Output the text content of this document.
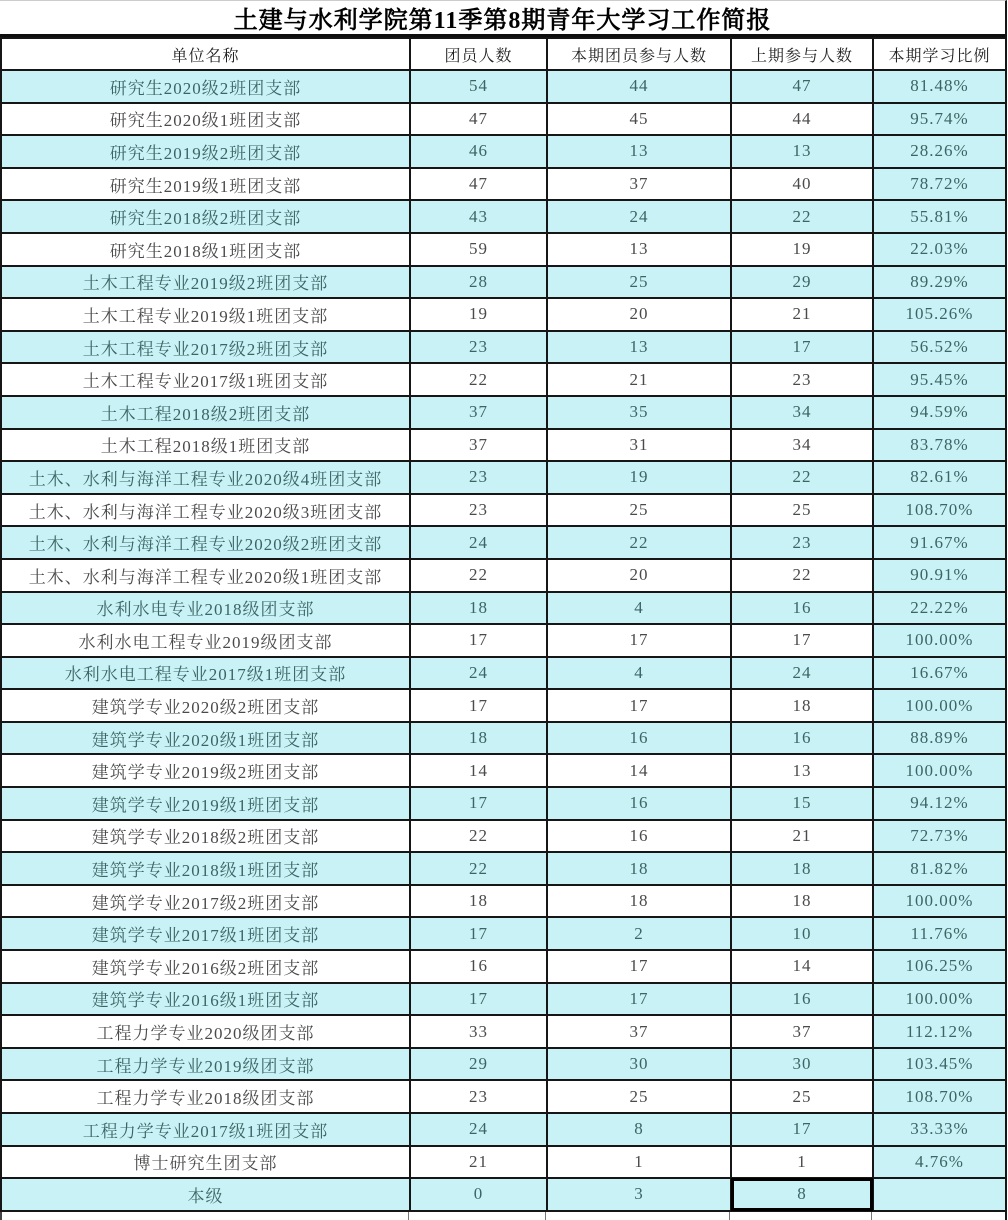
土建与水利学院第11季第8期青年大学习工作简报
单位名称	团员人数	本期团员参与人数	上期参与人数	本期学习比例
研究生2020级2班团支部	54	44	47	81.48%
研究生2020级1班团支部	47	45	44	95.74%
研究生2019级2班团支部	46	13	13	28.26%
研究生2019级1班团支部	47	37	40	78.72%
研究生2018级2班团支部	43	24	22	55.81%
研究生2018级1班团支部	59	13	19	22.03%
土木工程专业2019级2班团支部	28	25	29	89.29%
土木工程专业2019级1班团支部	19	20	21	105.26%
土木工程专业2017级2班团支部	23	13	17	56.52%
土木工程专业2017级1班团支部	22	21	23	95.45%
土木工程2018级2班团支部	37	35	34	94.59%
土木工程2018级1班团支部	37	31	34	83.78%
土木、水利与海洋工程专业2020级4班团支部	23	19	22	82.61%
土木、水利与海洋工程专业2020级3班团支部	23	25	25	108.70%
土木、水利与海洋工程专业2020级2班团支部	24	22	23	91.67%
土木、水利与海洋工程专业2020级1班团支部	22	20	22	90.91%
水利水电专业2018级团支部	18	4	16	22.22%
水利水电工程专业2019级团支部	17	17	17	100.00%
水利水电工程专业2017级1班团支部	24	4	24	16.67%
建筑学专业2020级2班团支部	17	17	18	100.00%
建筑学专业2020级1班团支部	18	16	16	88.89%
建筑学专业2019级2班团支部	14	14	13	100.00%
建筑学专业2019级1班团支部	17	16	15	94.12%
建筑学专业2018级2班团支部	22	16	21	72.73%
建筑学专业2018级1班团支部	22	18	18	81.82%
建筑学专业2017级2班团支部	18	18	18	100.00%
建筑学专业2017级1班团支部	17	2	10	11.76%
建筑学专业2016级2班团支部	16	17	14	106.25%
建筑学专业2016级1班团支部	17	17	16	100.00%
工程力学专业2020级团支部	33	37	37	112.12%
工程力学专业2019级团支部	29	30	30	103.45%
工程力学专业2018级团支部	23	25	25	108.70%
工程力学专业2017级1班团支部	24	8	17	33.33%
博士研究生团支部	21	1	1	4.76%
本级	0	3	8	
